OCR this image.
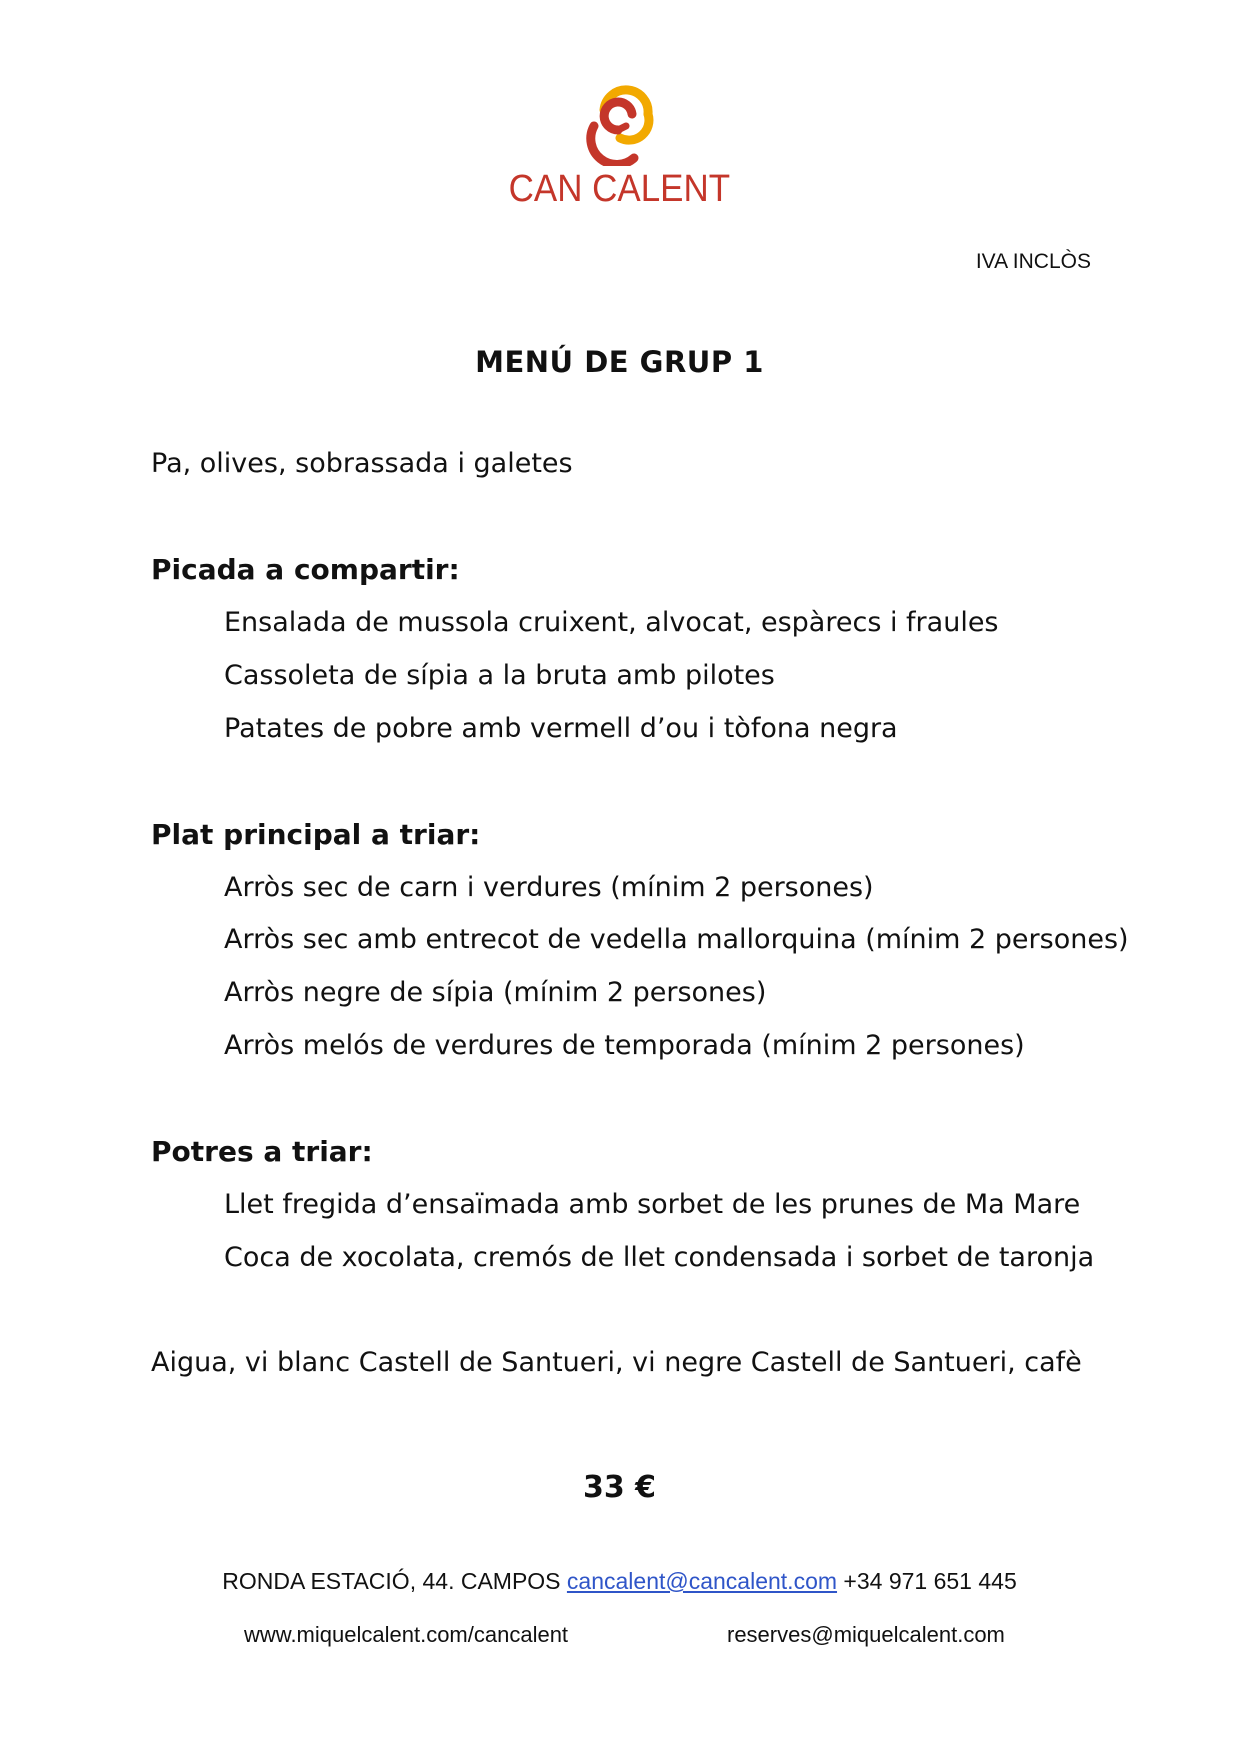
CAN CALENT
IVA INCLÒS
MENÚ DE GRUP 1
Pa, olives, sobrassada i galetes
Picada a compartir:
Ensalada de mussola cruixent, alvocat, espàrecs i fraules
Cassoleta de sípia a la bruta amb pilotes
Patates de pobre amb vermell d’ou i tòfona negra
Plat principal a triar:
Arròs sec de carn i verdures (mínim 2 persones)
Arròs sec amb entrecot de vedella mallorquina (mínim 2 persones)
Arròs negre de sípia (mínim 2 persones)
Arròs melós de verdures de temporada (mínim 2 persones)
Potres a triar:
Llet fregida d’ensaïmada amb sorbet de les prunes de Ma Mare
Coca de xocolata, cremós de llet condensada i sorbet de taronja
Aigua, vi blanc Castell de Santueri, vi negre Castell de Santueri, cafè
33 €
RONDA ESTACIÓ, 44. CAMPOS cancalent@cancalent.com +34 971 651 445
www.miquelcalent.com/cancalent	reserves@miquelcalent.com
